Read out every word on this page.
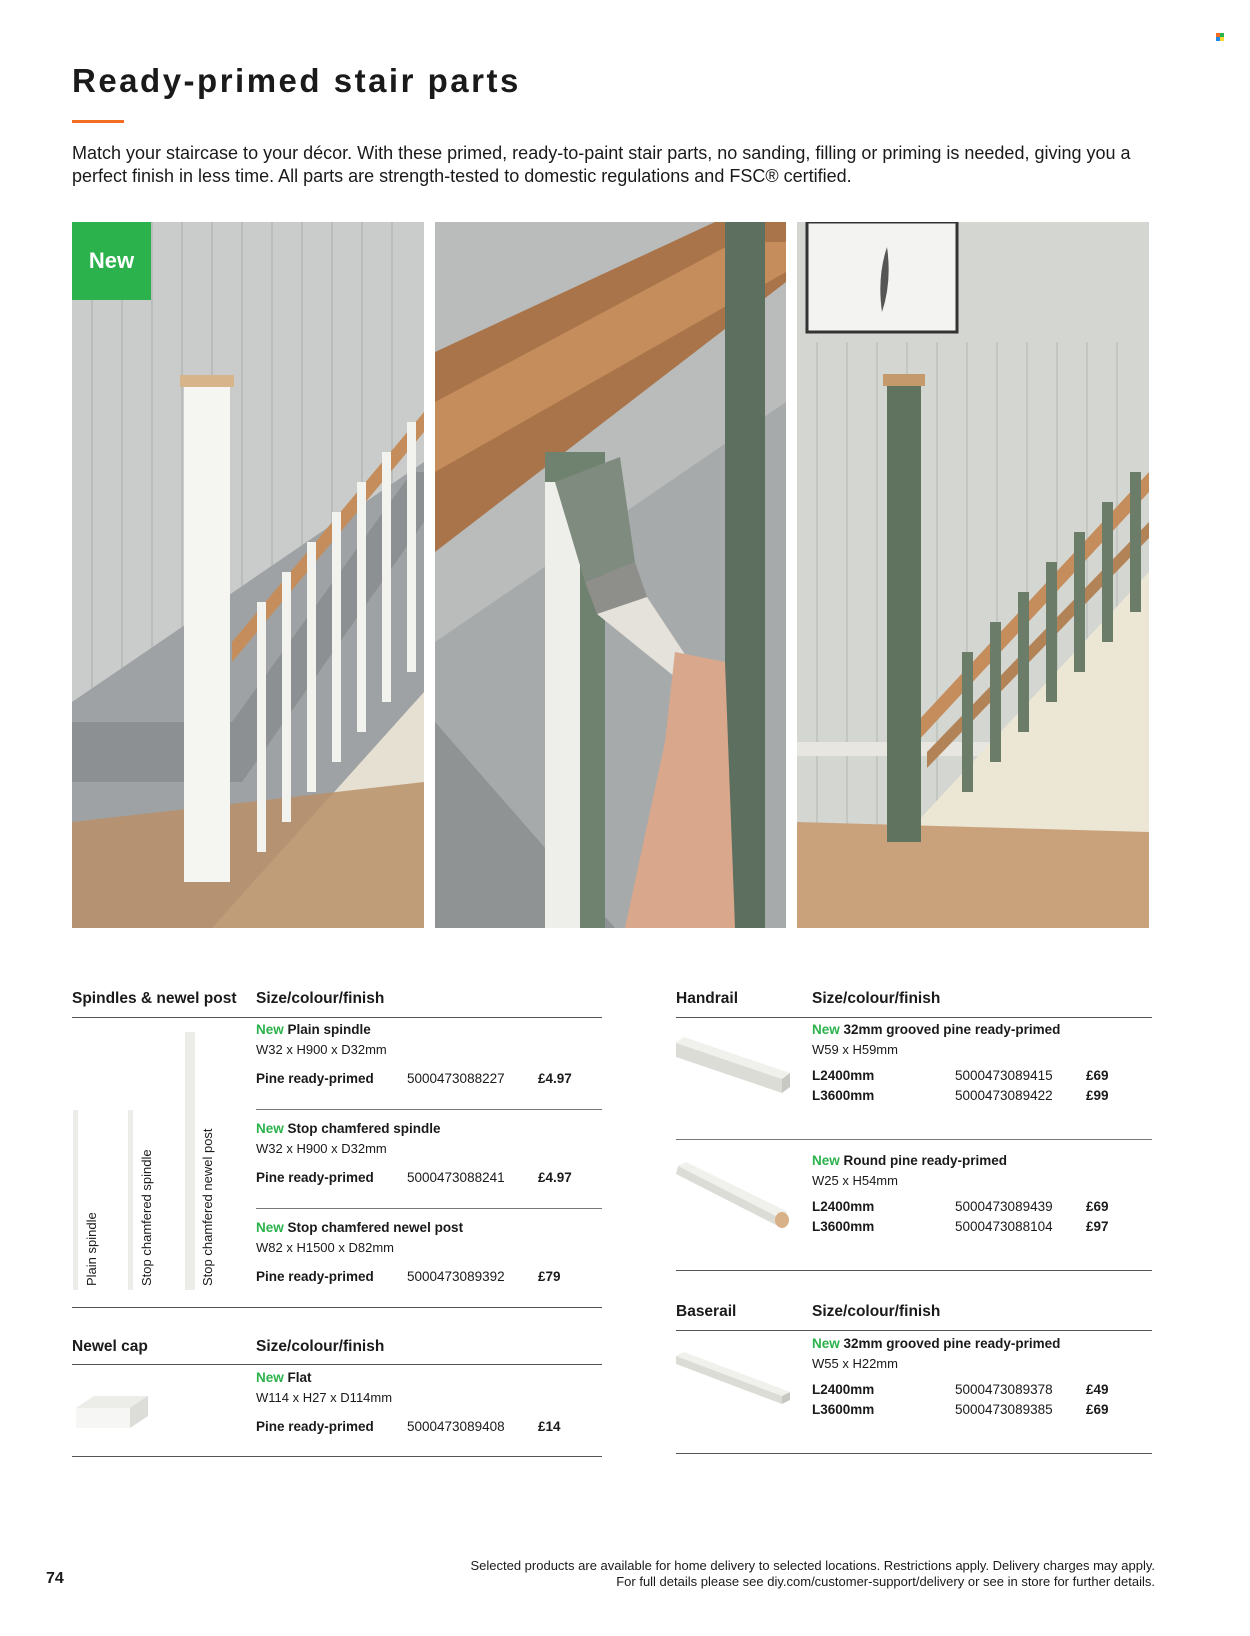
Ready-primed stair parts
Match your staircase to your décor. With these primed, ready-to-paint stair parts, no sanding, filling or priming is needed, giving you a perfect finish in less time. All parts are strength-tested to domestic regulations and FSC® certified.
New
Spindles & newel post Size/colour/finish
Plain spindle	Stop chamfered spindle	Stop chamfered newel post
New Plain spindle
W32 x H900 x D32mm
Pine ready-primed 5000473088227 £4.97
New Stop chamfered spindle
W32 x H900 x D32mm
Pine ready-primed 5000473088241 £4.97
New Stop chamfered newel post
W82 x H1500 x D82mm
Pine ready-primed 5000473089392 £79
Newel cap	Size/colour/finish
New Flat
W114 x H27 x D114mm
Pine ready-primed 5000473089408 £14
Handrail	Size/colour/finish
New 32mm grooved pine ready-primed
W59 x H59mm
L2400mm	5000473089415 £69
L3600mm	5000473089422 £99
New Round pine ready-primed
W25 x H54mm
L2400mm	5000473089439 £69
L3600mm	5000473088104 £97
Baserail	Size/colour/finish
New 32mm grooved pine ready-primed
W55 x H22mm
L2400mm	5000473089378 £49
L3600mm	5000473089385 £69
74
Selected products are available for home delivery to selected locations. Restrictions apply. Delivery charges may apply.
For full details please see diy.com/customer-support/delivery or see in store for further details.
